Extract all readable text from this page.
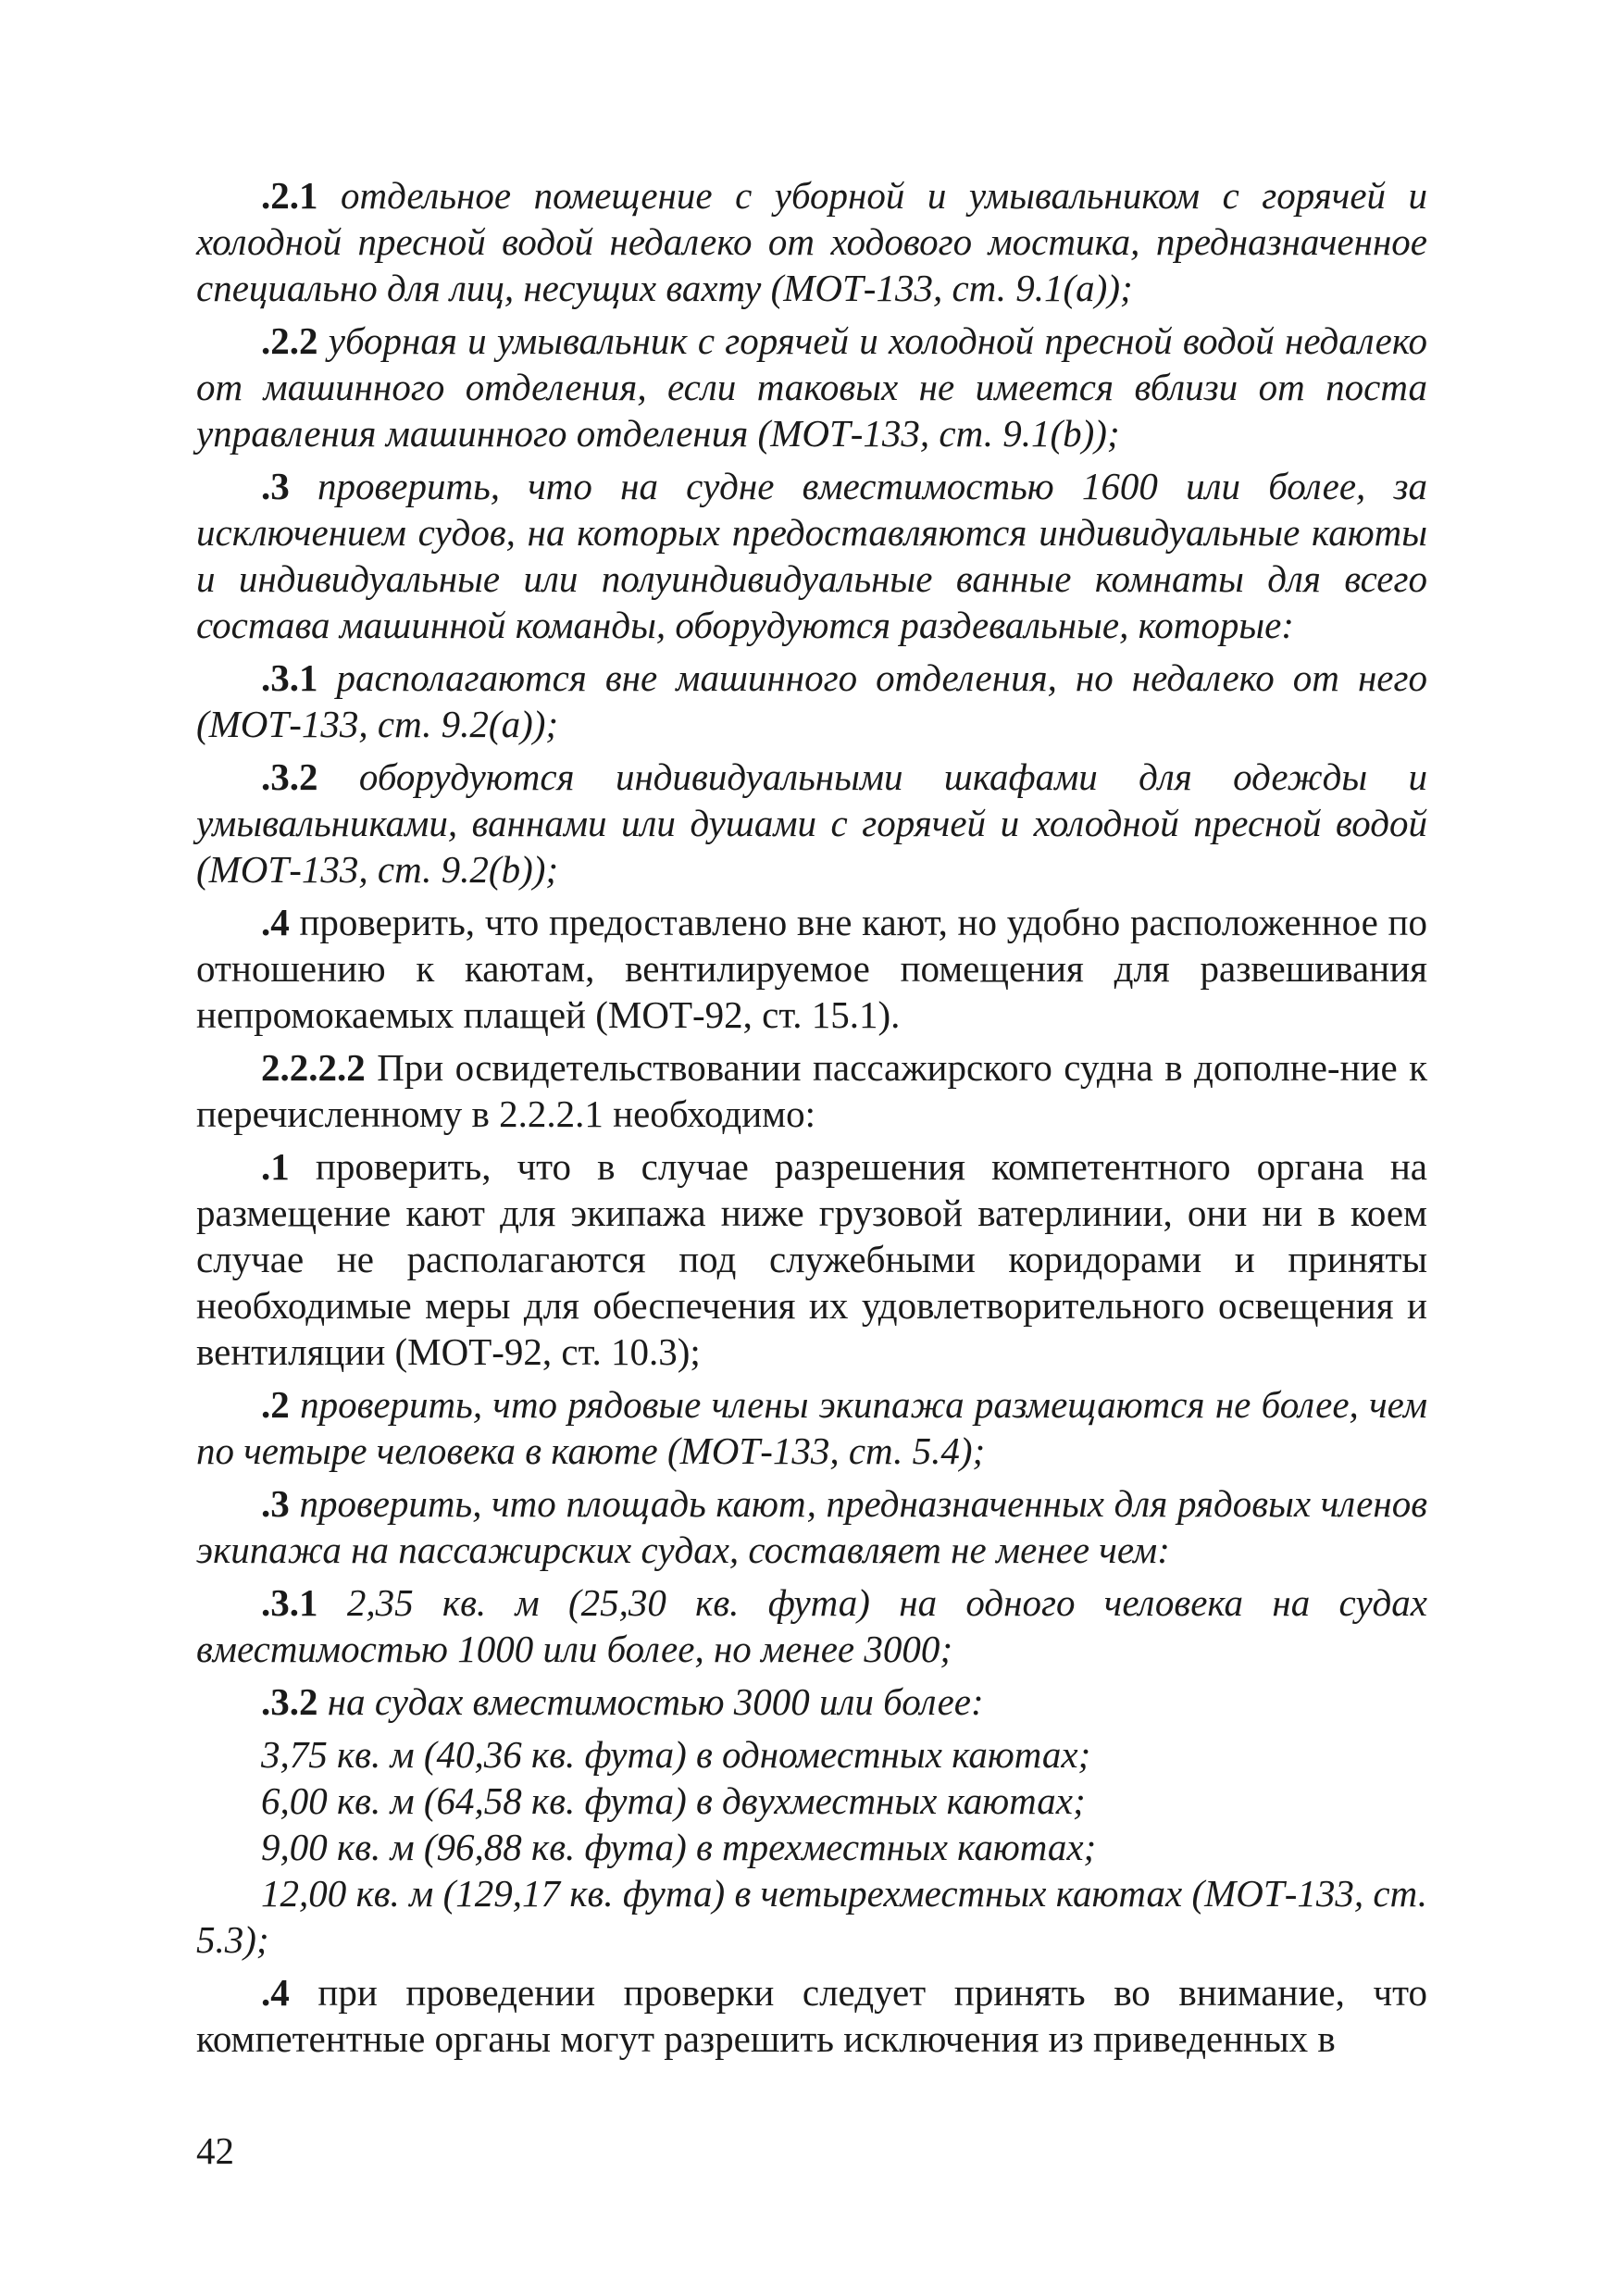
.2.1 отдельное помещение с уборной и умывальником с горячей и холодной пресной водой недалеко от ходового мостика, предназначенное специально для лиц, несущих вахту (МОТ-133, ст. 9.1(a));

.2.2 уборная и умывальник с горячей и холодной пресной водой недалеко от машинного отделения, если таковых не имеется вблизи от поста управления машинного отделения (МОТ-133, ст. 9.1(b));

.3 проверить, что на судне вместимостью 1600 или более, за исключением судов, на которых предоставляются индивидуальные каюты и индивидуальные или полуиндивидуальные ванные комнаты для всего состава машинной команды, оборудуются раздевальные, которые:

.3.1 располагаются вне машинного отделения, но недалеко от него (МОТ-133, ст. 9.2(a));

.3.2 оборудуются индивидуальными шкафами для одежды и умывальниками, ваннами или душами с горячей и холодной пресной водой (МОТ-133, ст. 9.2(b));

.4 проверить, что предоставлено вне кают, но удобно расположенное по отношению к каютам, вентилируемое помещения для развешивания непромокаемых плащей (МОТ-92, ст. 15.1).

2.2.2.2 При освидетельствовании пассажирского судна в дополне-ние к перечисленному в 2.2.2.1 необходимо:

.1 проверить, что в случае разрешения компетентного органа на размещение кают для экипажа ниже грузовой ватерлинии, они ни в коем случае не располагаются под служебными коридорами и приняты необходимые меры для обеспечения их удовлетворительного освещения и вентиляции (МОТ-92, ст. 10.3);

.2 проверить, что рядовые члены экипажа размещаются не более, чем по четыре человека в каюте (МОТ-133, ст. 5.4);

.3 проверить, что площадь кают, предназначенных для рядовых членов экипажа на пассажирских судах, составляет не менее чем:

.3.1 2,35 кв. м (25,30 кв. фута) на одного человека на судах вместимостью 1000 или более, но менее 3000;

.3.2 на судах вместимостью 3000 или более:

3,75 кв. м (40,36 кв. фута) в одноместных каютах;

6,00 кв. м (64,58 кв. фута) в двухместных каютах;

9,00 кв. м (96,88 кв. фута) в трехместных каютах;

12,00 кв. м (129,17 кв. фута) в четырехместных каютах (МОТ-133, ст. 5.3);

.4 при проведении проверки следует принять во внимание, что компетентные органы могут разрешить исключения из приведенных в

42
